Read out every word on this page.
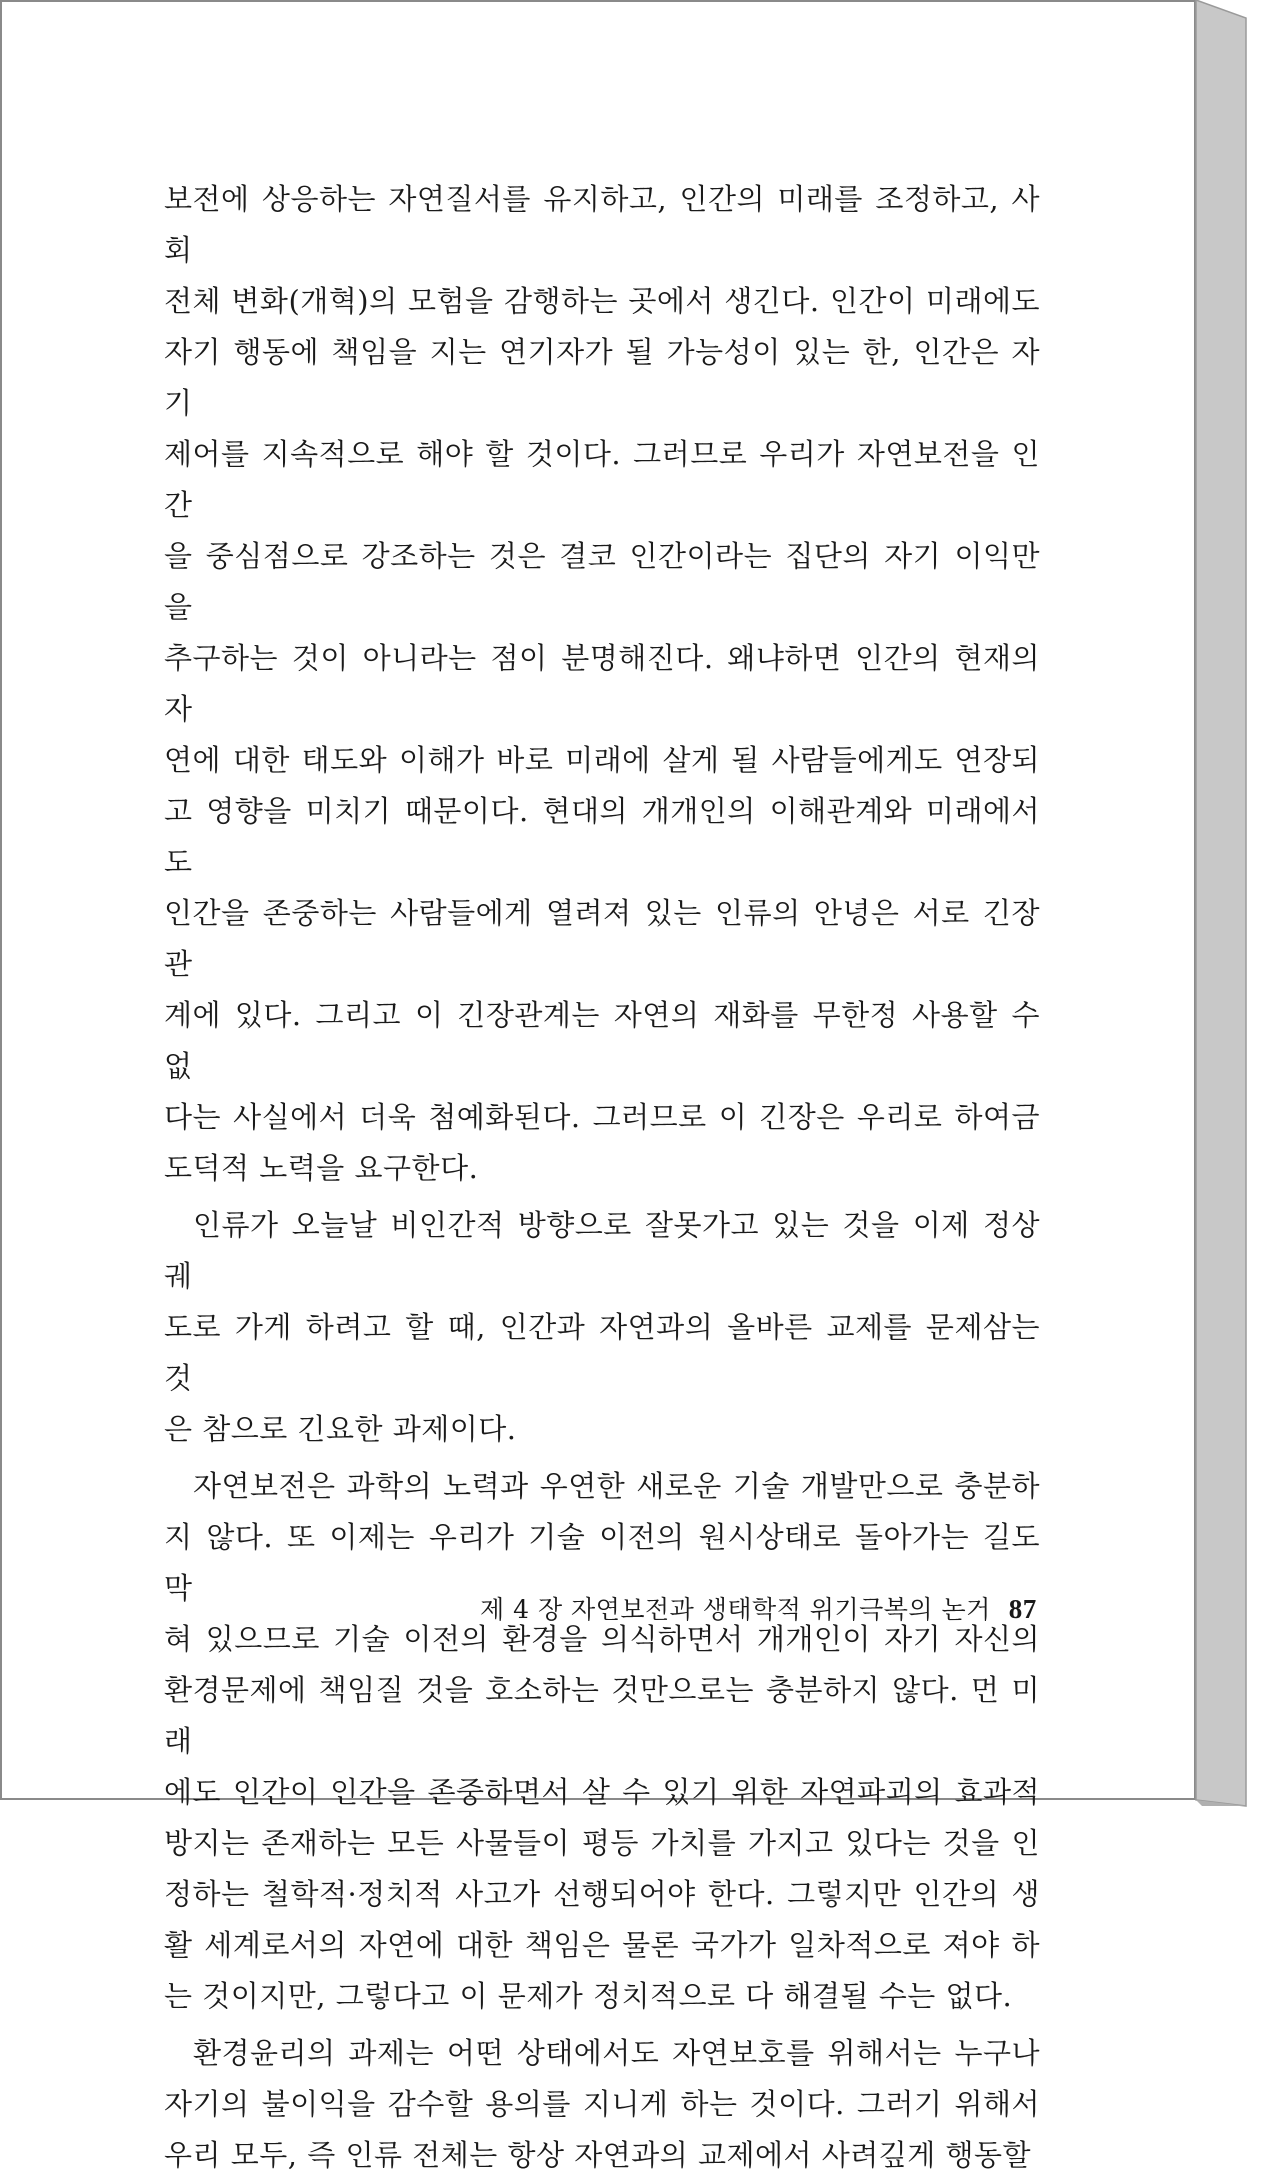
보전에 상응하는 자연질서를 유지하고, 인간의 미래를 조정하고, 사회

전체 변화(개혁)의 모험을 감행하는 곳에서 생긴다. 인간이 미래에도

자기 행동에 책임을 지는 연기자가 될 가능성이 있는 한, 인간은 자기

제어를 지속적으로 해야 할 것이다. 그러므로 우리가 자연보전을 인간

을 중심점으로 강조하는 것은 결코 인간이라는 집단의 자기 이익만을

추구하는 것이 아니라는 점이 분명해진다. 왜냐하면 인간의 현재의 자

연에 대한 태도와 이해가 바로 미래에 살게 될 사람들에게도 연장되

고 영향을 미치기 때문이다. 현대의 개개인의 이해관계와 미래에서도

인간을 존중하는 사람들에게 열려져 있는 인류의 안녕은 서로 긴장관

계에 있다. 그리고 이 긴장관계는 자연의 재화를 무한정 사용할 수 없

다는 사실에서 더욱 첨예화된다. 그러므로 이 긴장은 우리로 하여금

도덕적 노력을 요구한다.

인류가 오늘날 비인간적 방향으로 잘못가고 있는 것을 이제 정상궤

도로 가게 하려고 할 때, 인간과 자연과의 올바른 교제를 문제삼는 것

은 참으로 긴요한 과제이다.

자연보전은 과학의 노력과 우연한 새로운 기술 개발만으로 충분하

지 않다. 또 이제는 우리가 기술 이전의 원시상태로 돌아가는 길도 막

혀 있으므로 기술 이전의 환경을 의식하면서 개개인이 자기 자신의

환경문제에 책임질 것을 호소하는 것만으로는 충분하지 않다. 먼 미래

에도 인간이 인간을 존중하면서 살 수 있기 위한 자연파괴의 효과적

방지는 존재하는 모든 사물들이 평등 가치를 가지고 있다는 것을 인

정하는 철학적·정치적 사고가 선행되어야 한다. 그렇지만 인간의 생

활 세계로서의 자연에 대한 책임은 물론 국가가 일차적으로 져야 하

는 것이지만, 그렇다고 이 문제가 정치적으로 다 해결될 수는 없다.

환경윤리의 과제는 어떤 상태에서도 자연보호를 위해서는 누구나

자기의 불이익을 감수할 용의를 지니게 하는 것이다. 그러기 위해서

우리 모두, 즉 인류 전체는 항상 자연과의 교제에서 사려깊게 행동할

제 4 장 자연보전과 생태학적 위기극복의 논거 87
